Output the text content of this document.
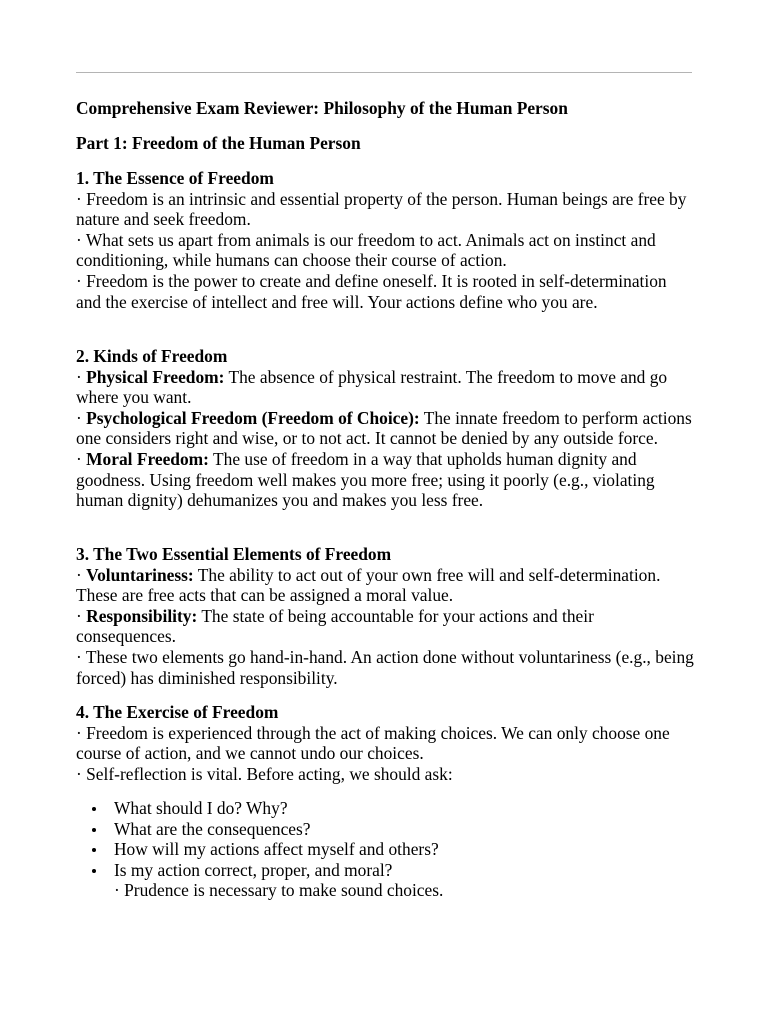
Comprehensive Exam Reviewer: Philosophy of the Human Person
Part 1: Freedom of the Human Person
1. The Essence of Freedom

· Freedom is an intrinsic and essential property of the person. Human beings are free by nature and seek freedom.

· What sets us apart from animals is our freedom to act. Animals act on instinct and conditioning, while humans can choose their course of action.

· Freedom is the power to create and define oneself. It is rooted in self-determination and the exercise of intellect and free will. Your actions define who you are.

2. Kinds of Freedom

· Physical Freedom: The absence of physical restraint. The freedom to move and go where you want.

· Psychological Freedom (Freedom of Choice): The innate freedom to perform actions one considers right and wise, or to not act. It cannot be denied by any outside force.

· Moral Freedom: The use of freedom in a way that upholds human dignity and goodness. Using freedom well makes you more free; using it poorly (e.g., violating human dignity) dehumanizes you and makes you less free.

3. The Two Essential Elements of Freedom

· Voluntariness: The ability to act out of your own free will and self-determination. These are free acts that can be assigned a moral value.

· Responsibility: The state of being accountable for your actions and their consequences.

· These two elements go hand-in-hand. An action done without voluntariness (e.g., being forced) has diminished responsibility.

4. The Exercise of Freedom

· Freedom is experienced through the act of making choices. We can only choose one course of action, and we cannot undo our choices.

· Self-reflection is vital. Before acting, we should ask:

What should I do? Why?
What are the consequences?
How will my actions affect myself and others?
Is my action correct, proper, and moral?
· Prudence is necessary to make sound choices.
